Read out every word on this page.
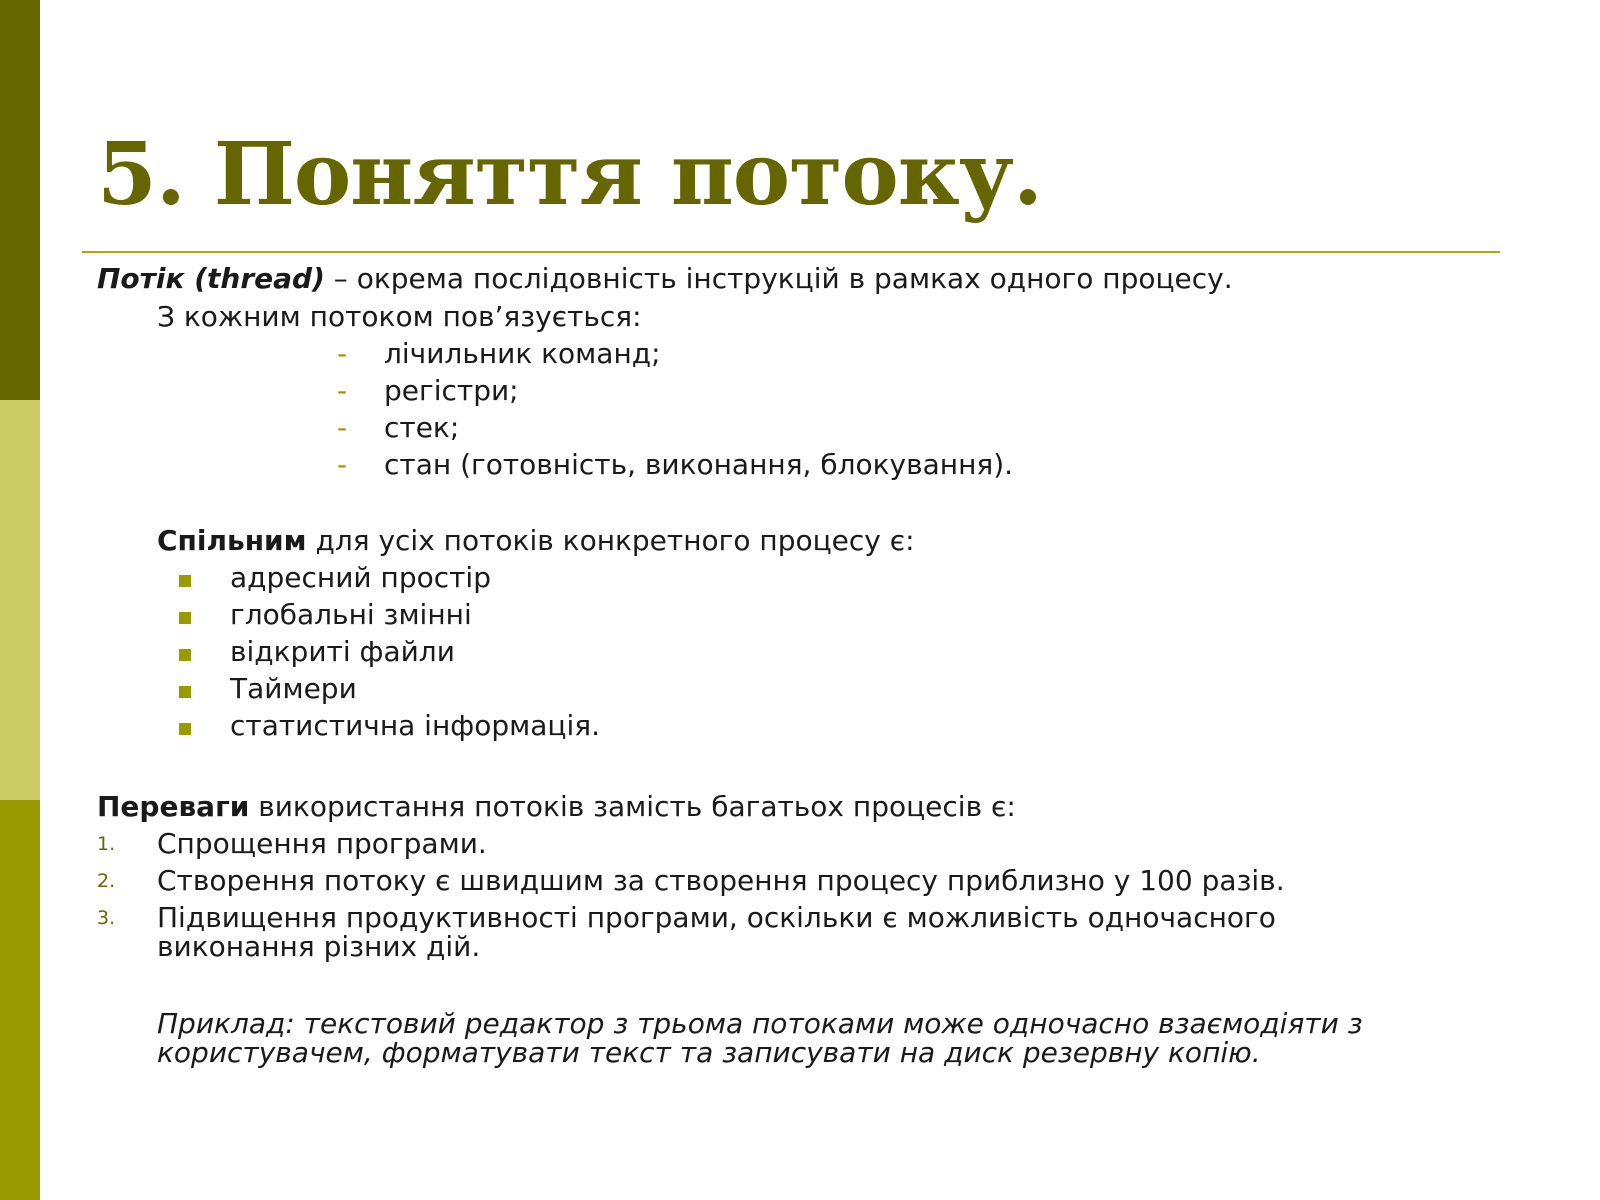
5. Поняття потоку.
Потік (thread) – окрема послідовність інструкцій в рамках одного процесу.
З кожним потоком пов’язується:
- лічильник команд;
- регістри;
- стек;
- стан (готовність, виконання, блокування).
Спільним для усіх потоків конкретного процесу є:
адресний простір
глобальні змінні
відкриті файли
Таймери
статистична інформація.
Переваги використання потоків замість багатьох процесів є:
1. Спрощення програми.
2. Створення потоку є швидшим за створення процесу приблизно у 100 разів.
3. Підвищення продуктивності програми, оскільки є можливість одночасного
виконання різних дій.
Приклад: текстовий редактор з трьома потоками може одночасно взаємодіяти з
користувачем, форматувати текст та записувати на диск резервну копію.
